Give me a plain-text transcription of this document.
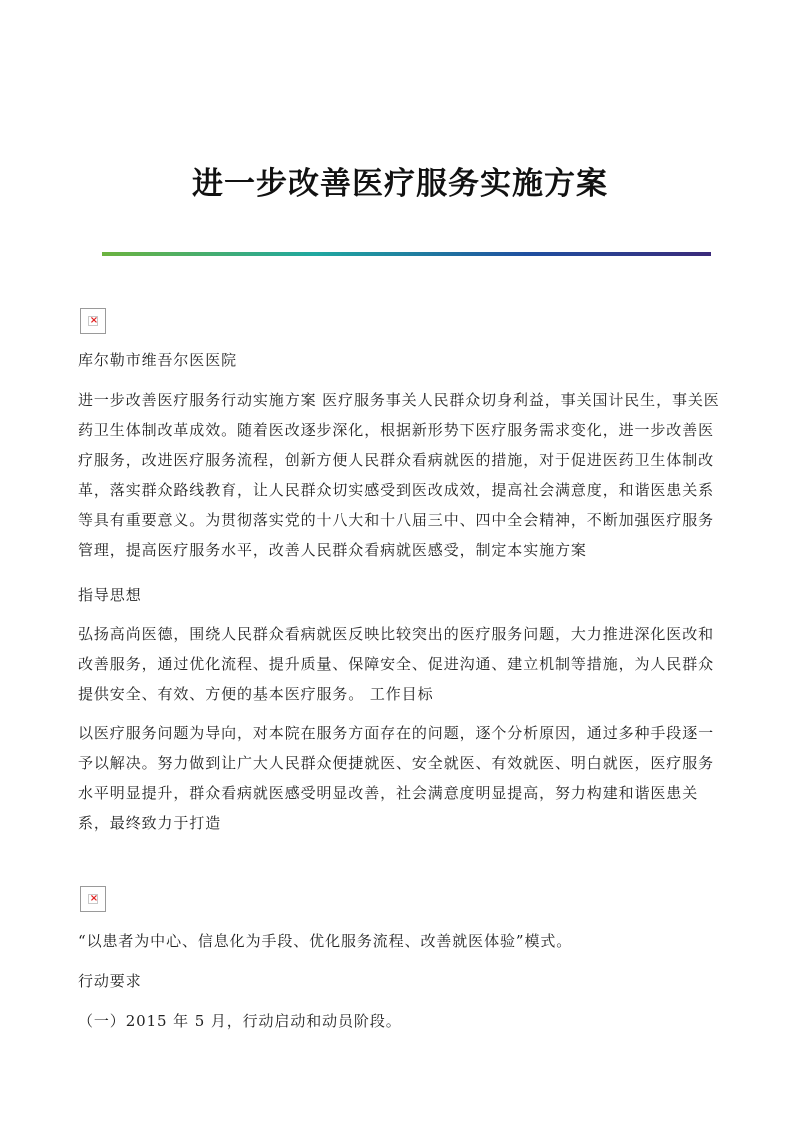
进一步改善医疗服务实施方案
×

库尔勒市维吾尔医医院

进一步改善医疗服务行动实施方案 医疗服务事关人民群众切身利益，事关国计民生，事关医药卫生体制改革成效。随着医改逐步深化，根据新形势下医疗服务需求变化，进一步改善医疗服务，改进医疗服务流程，创新方便人民群众看病就医的措施，对于促进医药卫生体制改革，落实群众路线教育，让人民群众切实感受到医改成效，提高社会满意度，和谐医患关系等具有重要意义。为贯彻落实党的十八大和十八届三中、四中全会精神，不断加强医疗服务管理，提高医疗服务水平，改善人民群众看病就医感受，制定本实施方案

指导思想

弘扬高尚医德，围绕人民群众看病就医反映比较突出的医疗服务问题，大力推进深化医改和改善服务，通过优化流程、提升质量、保障安全、促进沟通、建立机制等措施，为人民群众提供安全、有效、方便的基本医疗服务。 工作目标

以医疗服务问题为导向，对本院在服务方面存在的问题，逐个分析原因，通过多种手段逐一予以解决。努力做到让广大人民群众便捷就医、安全就医、有效就医、明白就医，医疗服务水平明显提升，群众看病就医感受明显改善，社会满意度明显提高，努力构建和谐医患关系，最终致力于打造

×

“以患者为中心、信息化为手段、优化服务流程、改善就医体验”模式。

行动要求

（一）2015 年 5 月，行动启动和动员阶段。
